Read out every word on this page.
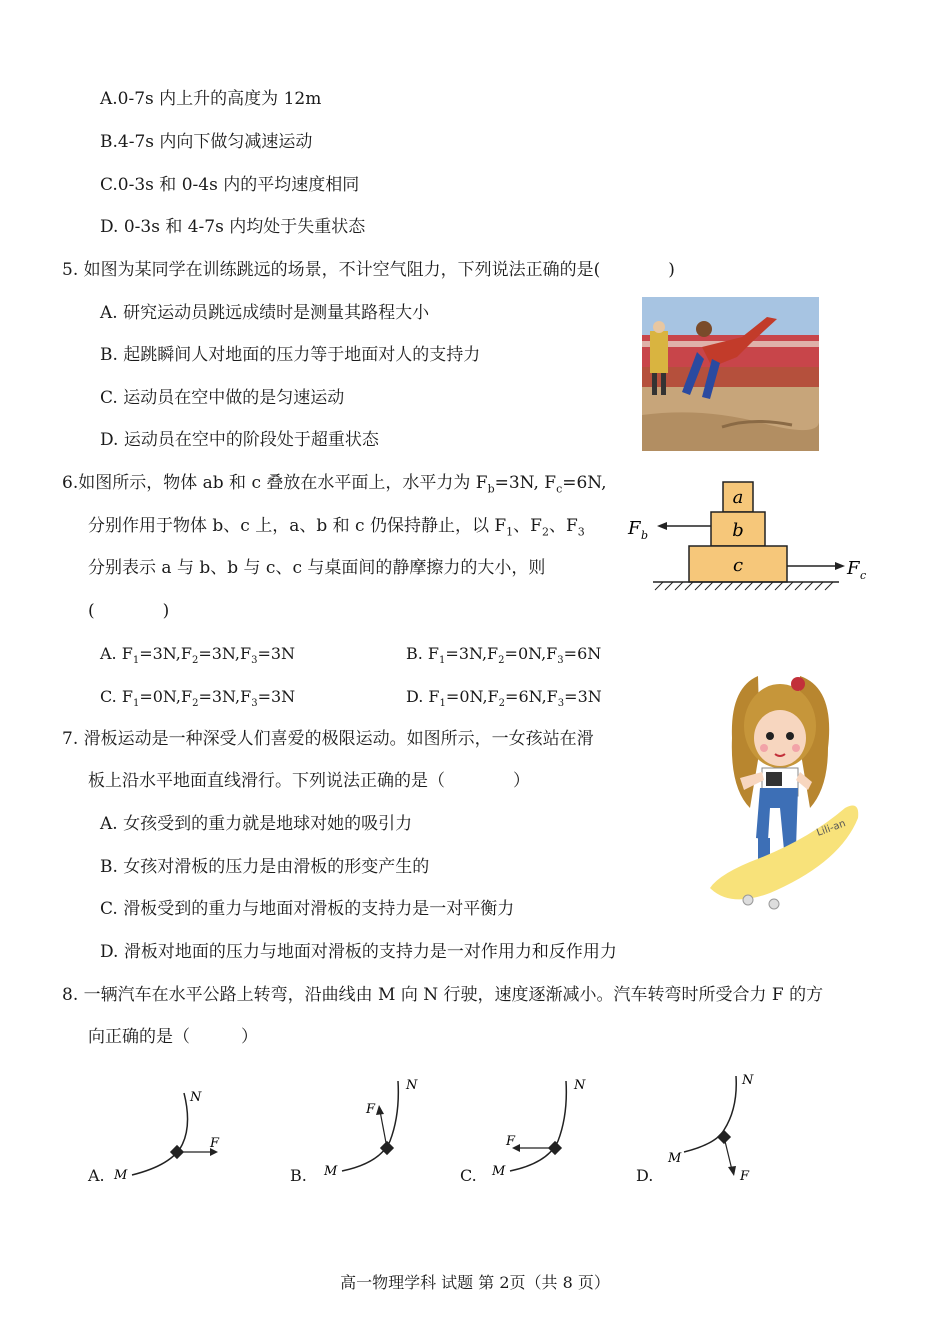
A.0-7s 内上升的高度为 12m
B.4-7s 内向下做匀减速运动
C.0-3s 和 0-4s 内的平均速度相同
D. 0-3s 和 4-7s 内均处于失重状态
5. 如图为某同学在训练跳远的场景，不计空气阻力，下列说法正确的是(　　　　)
A. 研究运动员跳远成绩时是测量其路程大小
B. 起跳瞬间人对地面的压力等于地面对人的支持力
C. 运动员在空中做的是匀速运动
D. 运动员在空中的阶段处于超重状态
6.如图所示，物体 ab 和 c 叠放在水平面上，水平力为 $F_b=3N$, $F_c=6N$,
分别作用于物体 b、c 上，a、b 和 c 仍保持静止，以 $F_1$、$F_2$、$F_3$
分别表示 a 与 b、b 与 c、c 与桌面间的静摩擦力的大小，则
(　　　　)
a
b
c
F b
F c
A. $F_1=3N,F_2=3N,F_3=3N$	B. $F_1=3N,F_2=0N,F_3=6N$
C. $F_1=0N,F_2=3N,F_3=3N$	D. $F_1=0N,F_2=6N,F_3=3N$
7. 滑板运动是一种深受人们喜爱的极限运动。如图所示，一女孩站在滑
板上沿水平地面直线滑行。下列说法正确的是（　　　　）
A. 女孩受到的重力就是地球对她的吸引力
B. 女孩对滑板的压力是由滑板的形变产生的
C. 滑板受到的重力与地面对滑板的支持力是一对平衡力
D. 滑板对地面的压力与地面对滑板的支持力是一对作用力和反作用力
Lili-an
8. 一辆汽车在水平公路上转弯，沿曲线由 M 向 N 行驶，速度逐渐减小。汽车转弯时所受合力 F 的方
向正确的是（　　　）
A. M
N
F
B. M
N
F
C. M
N
F
D.
M
N
F
高一物理学科 试题 第 2页（共 8 页）
